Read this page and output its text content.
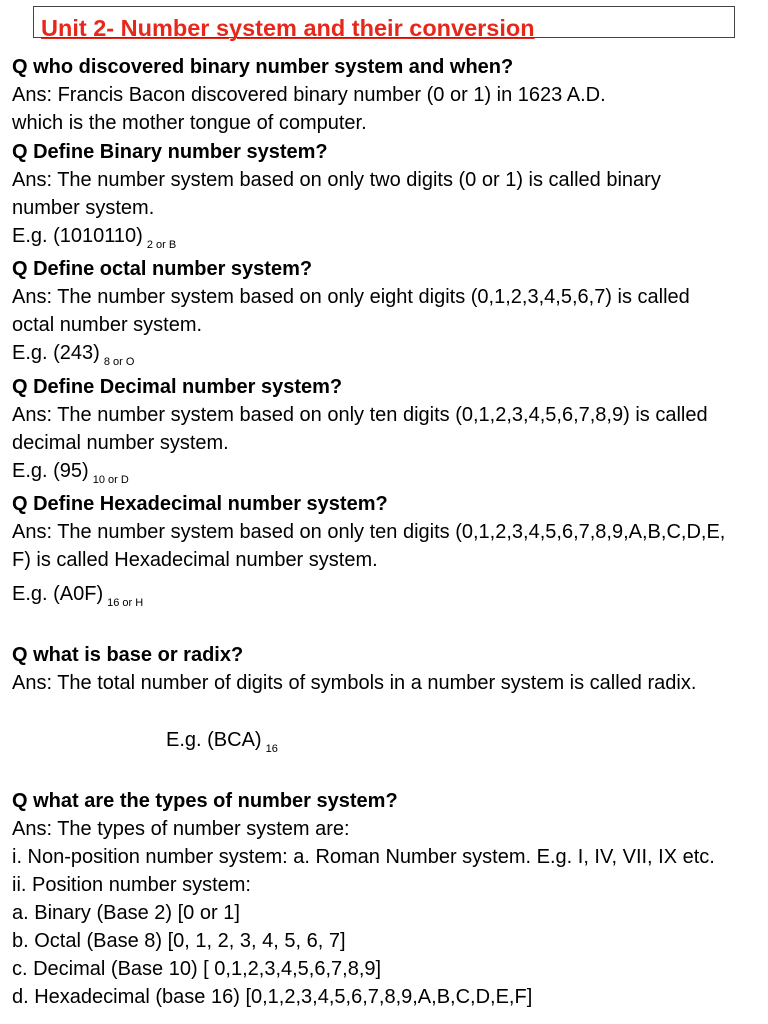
Unit 2- Number system and their conversion
Q who discovered binary number system and when?
Ans: Francis Bacon discovered binary number (0 or 1) in 1623 A.D.
which is the mother tongue of computer.
Q Define Binary number system?
Ans: The number system based on only two digits (0 or 1) is called binary
number system.
E.g. (1010110) $_{2 or B}$
Q Define octal number system?
Ans: The number system based on only eight digits (0,1,2,3,4,5,6,7) is called
octal number system.
E.g. (243) $_{8 or O}$
Q Define Decimal number system?
Ans: The number system based on only ten digits (0,1,2,3,4,5,6,7,8,9) is called
decimal number system.
E.g. (95) $_{10 or D}$
Q Define Hexadecimal number system?
Ans: The number system based on only ten digits (0,1,2,3,4,5,6,7,8,9,A,B,C,D,E,
F) is called Hexadecimal number system.
E.g. (A0F) $_{16 or H}$
Q what is base or radix?
Ans: The total number of digits of symbols in a number system is called radix.
E.g. (BCA) $_{16}$
Q what are the types of number system?
Ans: The types of number system are:
i. Non-position number system: a. Roman Number system. E.g. I, IV, VII, IX etc.
ii. Position number system:
a. Binary (Base 2) [0 or 1]
b. Octal (Base 8) [0, 1, 2, 3, 4, 5, 6, 7]
c. Decimal (Base 10) [ 0,1,2,3,4,5,6,7,8,9]
d. Hexadecimal (base 16) [0,1,2,3,4,5,6,7,8,9,A,B,C,D,E,F]
